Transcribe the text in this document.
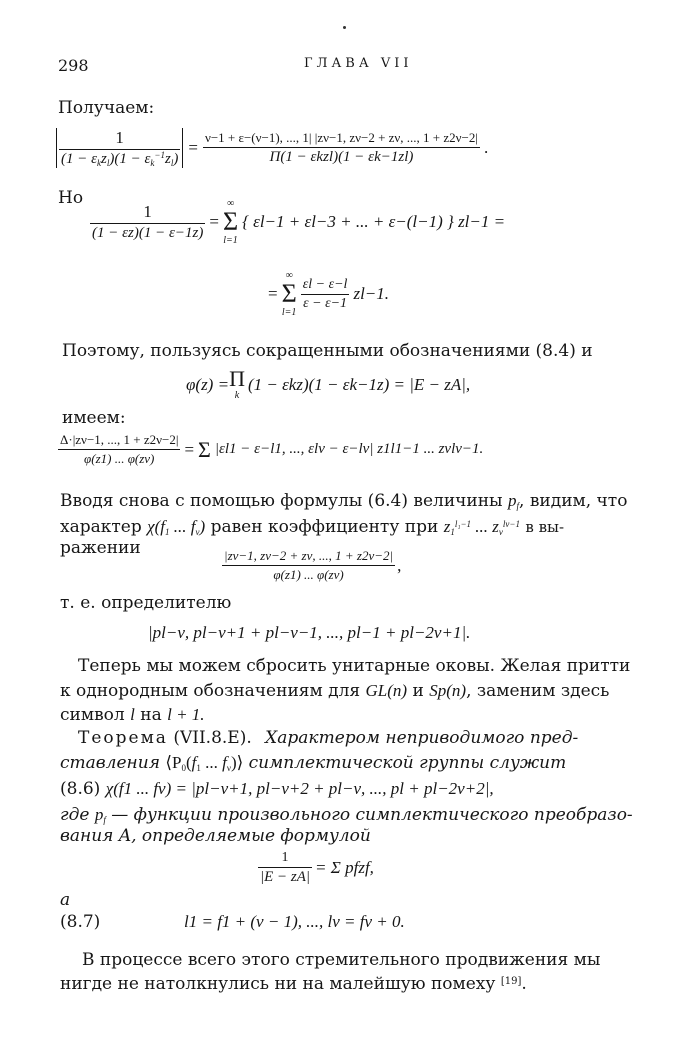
298	ГЛАВА VII
Получаем:
$\frac{1}{(1 - \varepsilon_kz_l)(1 - \varepsilon_k^{-1}z_l)} = \frac{\nu-1 + \varepsilon-(\nu-1), ..., 1| |z\nu-1, z\nu-2 + z\nu, ..., 1 + z2\nu-2|}{\text{Π(1 − εkzl)(1 − εk−1zl)}}$ .
Но
$\frac{1}{(1 - \varepsilon z)(1 - \varepsilon-1z)}$ =
∞
Σ
l=1
{ εl−1 + εl−3 + ... + ε−(l−1) } zl−1 =
=
∞
Σ
l=1
$\frac{\varepsilon l - \varepsilon-l}{\varepsilon - \varepsilon-1} zl-1$.
Поэтому, пользуясь сокращенными обозначениями (8.4) и
φ(z) = Π
k
(1 − εkz)(1 − εk−1z) = |E − zA|,
имеем:
$\frac{\Delta\cdot|z\nu-1, ..., 1 + z2\nu-2|}{\varphi(z1) ... \varphi(z\nu)} = \Sigma$ |εl1 − ε−l1, ..., εlν − ε−lν| z1l1−1 ... zνlν−1.
Вводя снова с помощью формулы (6.4) величины $p_f$, видим, что
характер $\chi(f_1$ ... $f_\nu$) равен коэффициенту при $z_1^{l_1-1}$ ... $z_\nu^{l\nu-1}$ в вы-
ражении	$\frac{|z\nu-1, z\nu-2 + z\nu, ..., 1 + z2\nu-2|}{\varphi(z1) ... \varphi(z\nu)}$ ,
т. е. определителю
|pl−ν, pl−ν+1 + pl−ν−1, ..., pl−1 + pl−2ν+1|.
Теперь мы можем сбросить унитарные оковы. Желая притти
к однородным обозначениям для GL(n) и Sp(n), заменим здесь
символ l на l + 1.
Теорема (VII.8.E). Характером неприводимого пред-
ставления $⟨P_0(f_1$ ... $f_\nu)⟩$ симплектической группы служит
(8.6) χ(f1 ... fν) = |pl−ν+1, pl−ν+2 + pl−ν, ..., pl + pl−2ν+2|,
где $p_f$ — функции произвольного симплектического преобразо-
вания A, определяемые формулой
$\frac{1}{|E - zA|} = \Sigma$ pfzf,
а
(8.7)	l1 = f1 + (ν − 1), ..., lν = fν + 0.
В процессе всего этого стремительного продвижения мы
нигде не натолкнулись ни на малейшую помеху [19].
